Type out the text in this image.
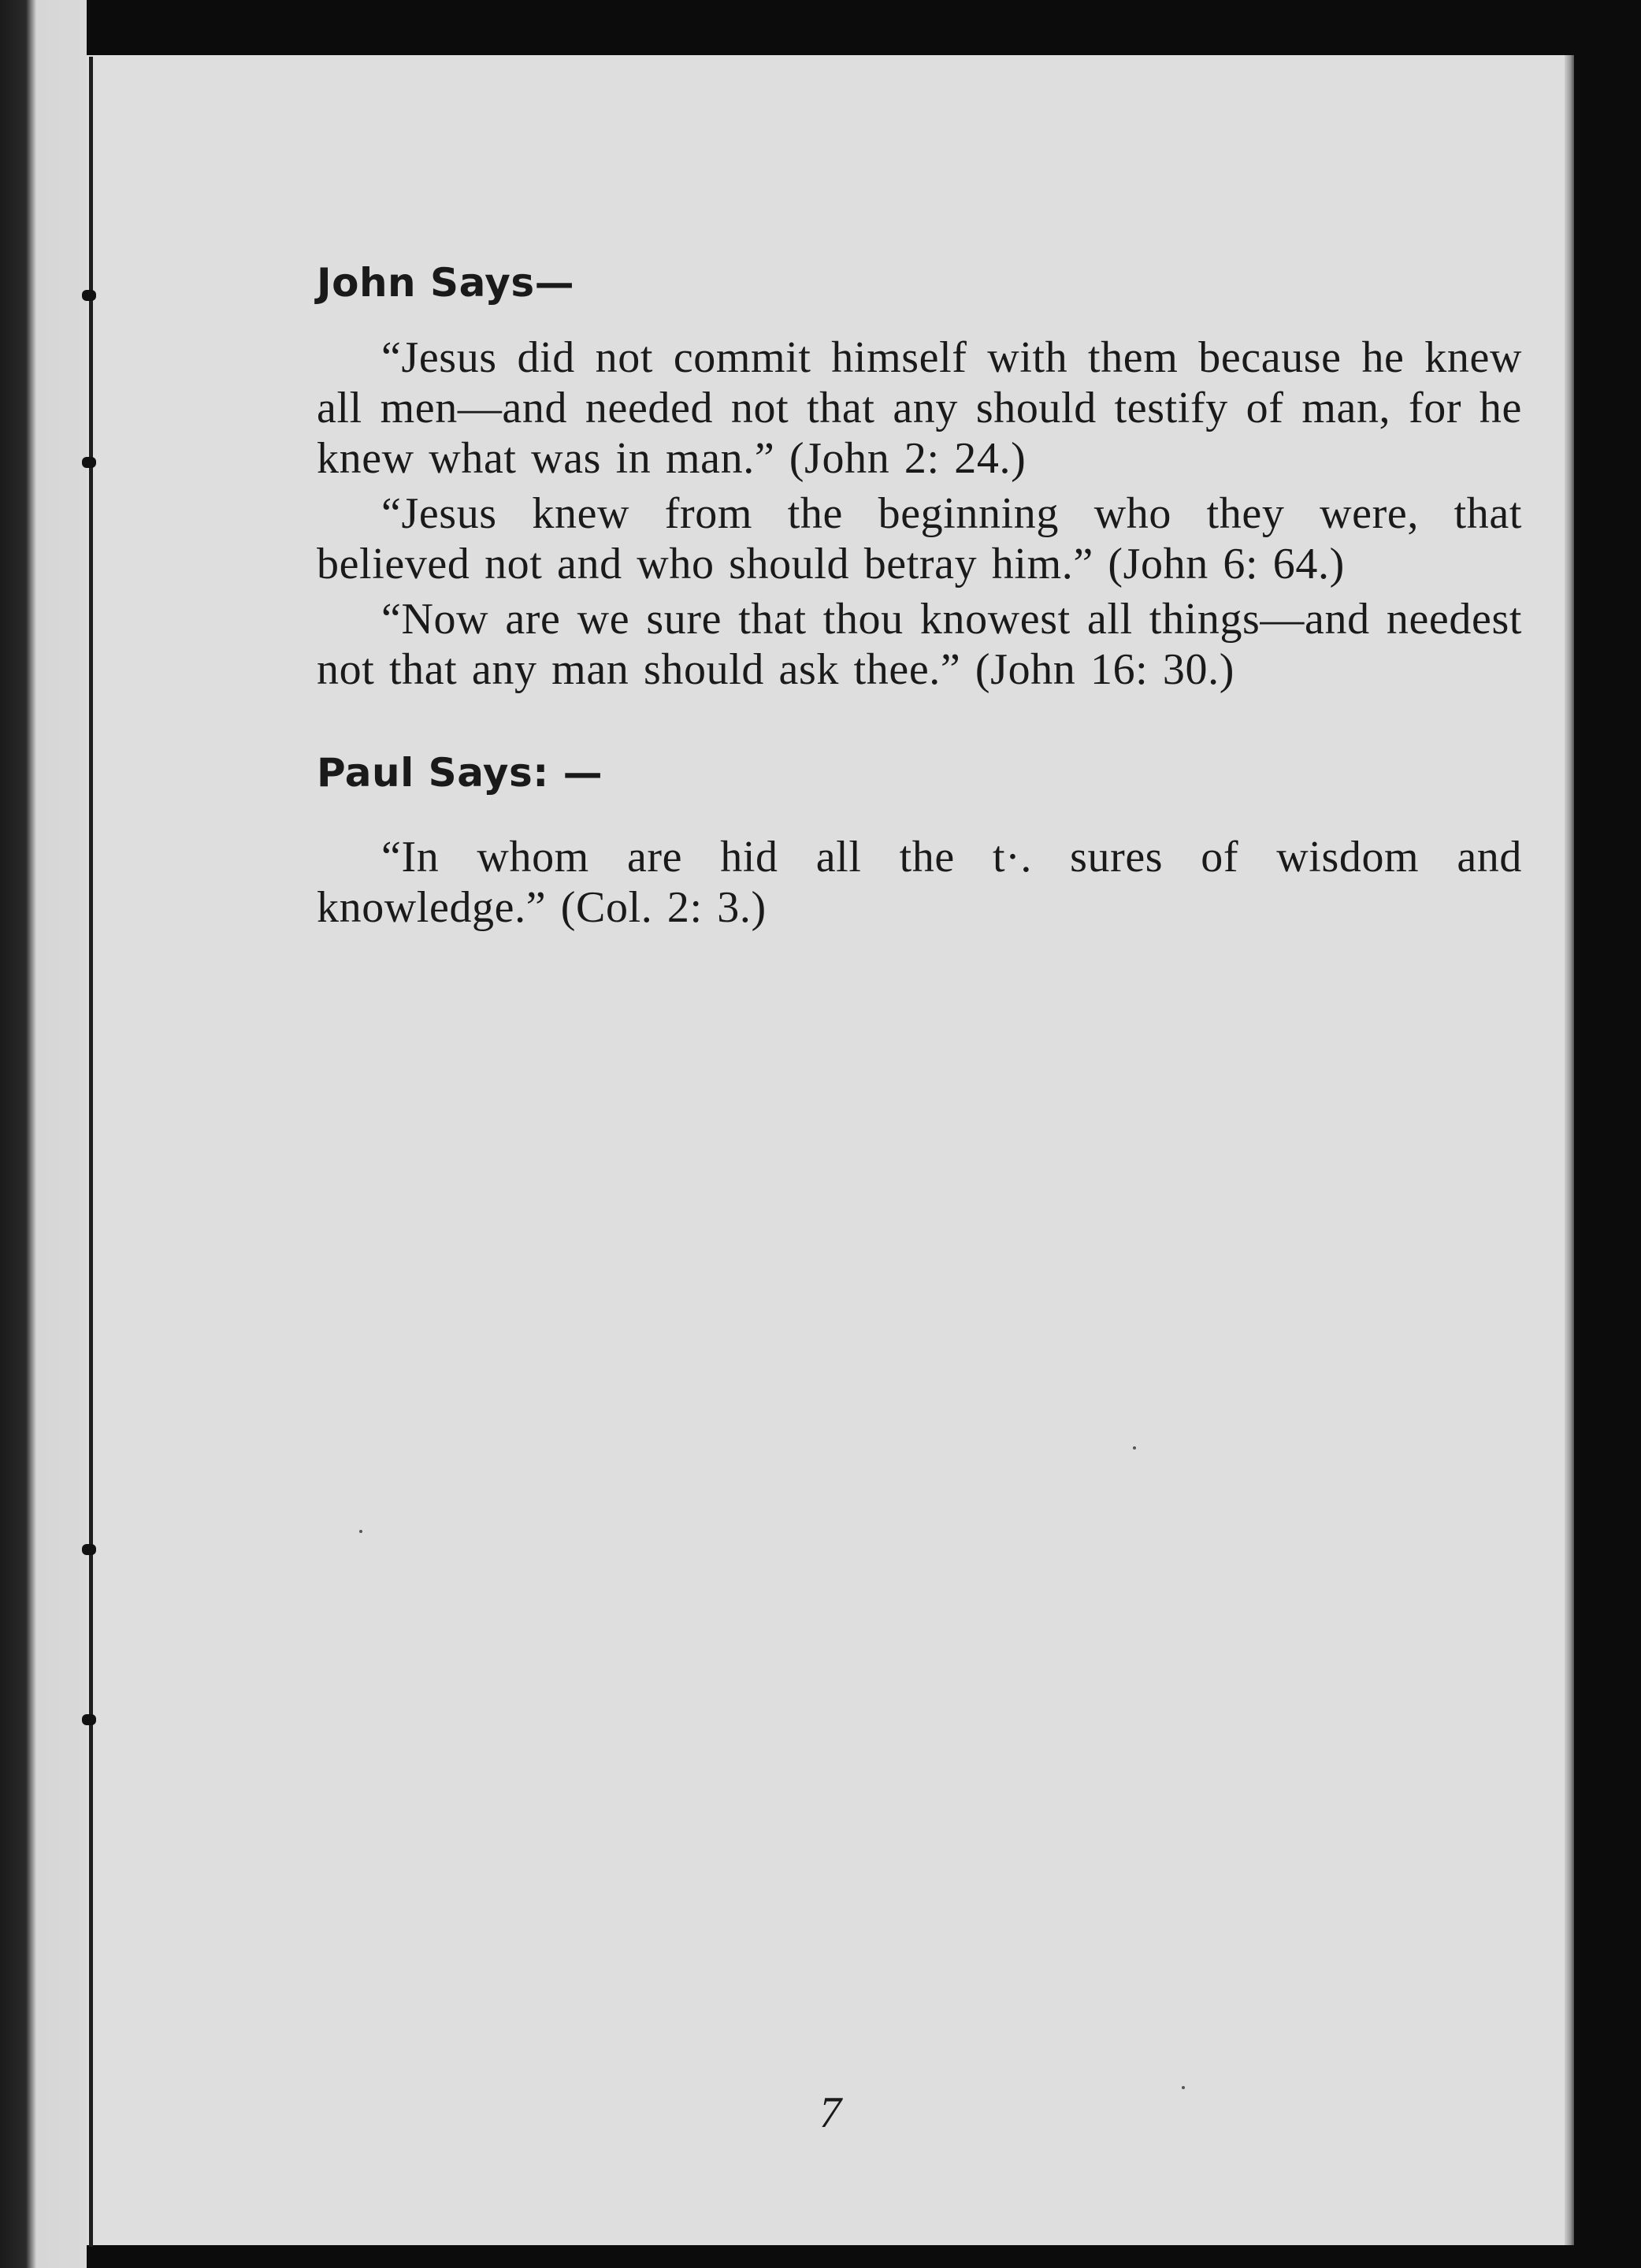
John Says—

“Jesus did not commit himself with them because he knew all men—and needed not that any should testify of man, for he knew what was in man.” (John 2: 24.)

“Jesus knew from the beginning who they were, that believed not and who should betray him.” (John 6: 64.)

“Now are we sure that thou knowest all things—and needest not that any man should ask thee.” (John 16: 30.)

Paul Says: —

“In whom are hid all the t·. sures of wisdom and knowledge.” (Col. 2: 3.)

7
